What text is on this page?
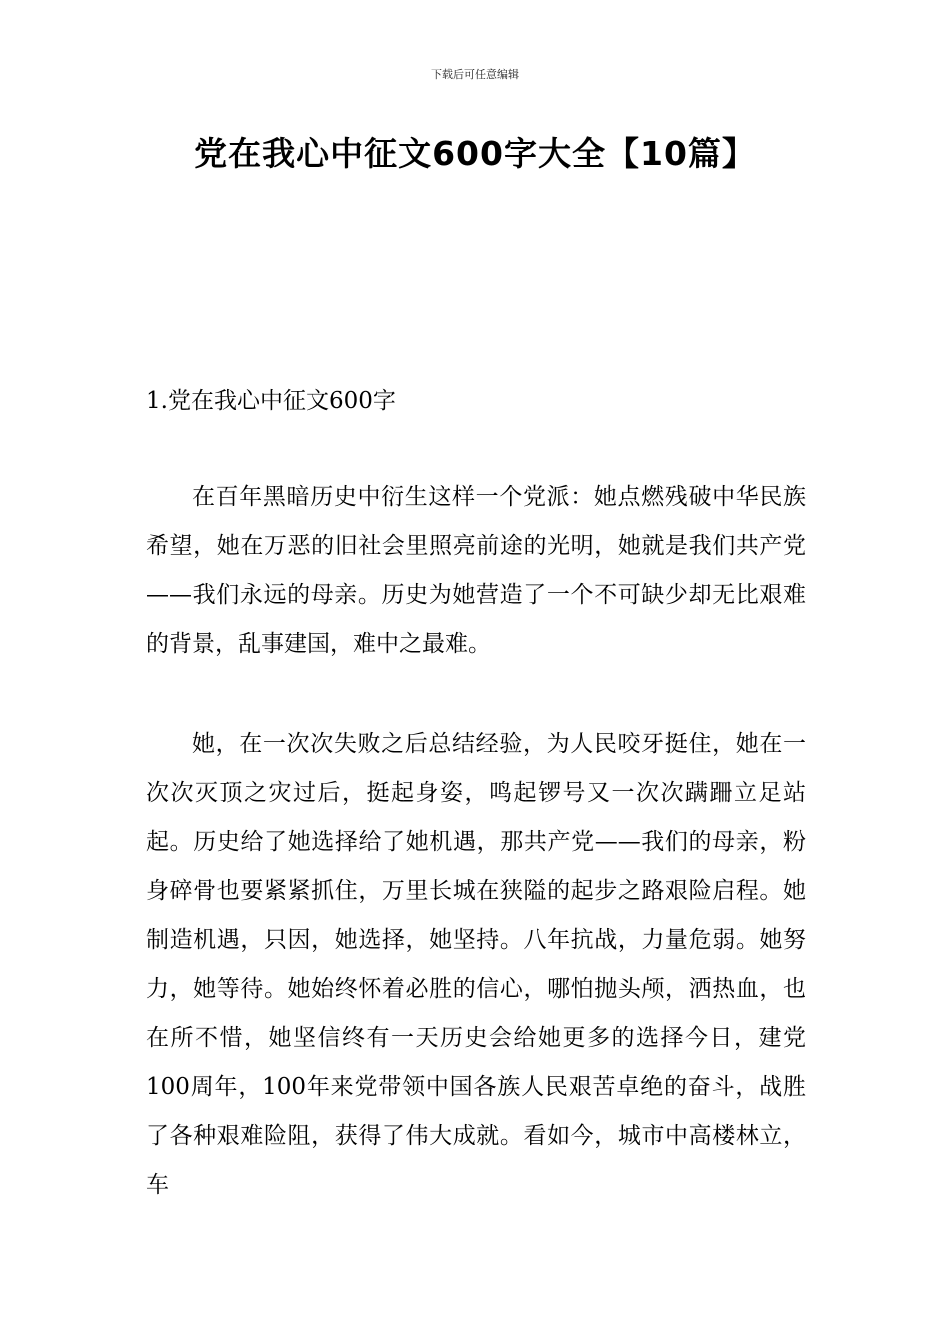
下载后可任意编辑
党在我心中征文600字大全【10篇】
1.党在我心中征文600字

在百年黑暗历史中衍生这样一个党派：她点燃残破中华民族希望，她在万恶的旧社会里照亮前途的光明，她就是我们共产党——我们永远的母亲。历史为她营造了一个不可缺少却无比艰难的背景，乱事建国，难中之最难。

她，在一次次失败之后总结经验，为人民咬牙挺住，她在一次次灭顶之灾过后，挺起身姿，鸣起锣号又一次次蹒跚立足站起。历史给了她选择给了她机遇，那共产党——我们的母亲，粉身碎骨也要紧紧抓住，万里长城在狭隘的起步之路艰险启程。她制造机遇，只因，她选择，她坚持。八年抗战，力量危弱。她努力，她等待。她始终怀着必胜的信心，哪怕抛头颅，洒热血，也在所不惜，她坚信终有一天历史会给她更多的选择今日，建党100周年，100年来党带领中国各族人民艰苦卓绝的奋斗，战胜了各种艰难险阻，获得了伟大成就。看如今，城市中高楼林立，车
